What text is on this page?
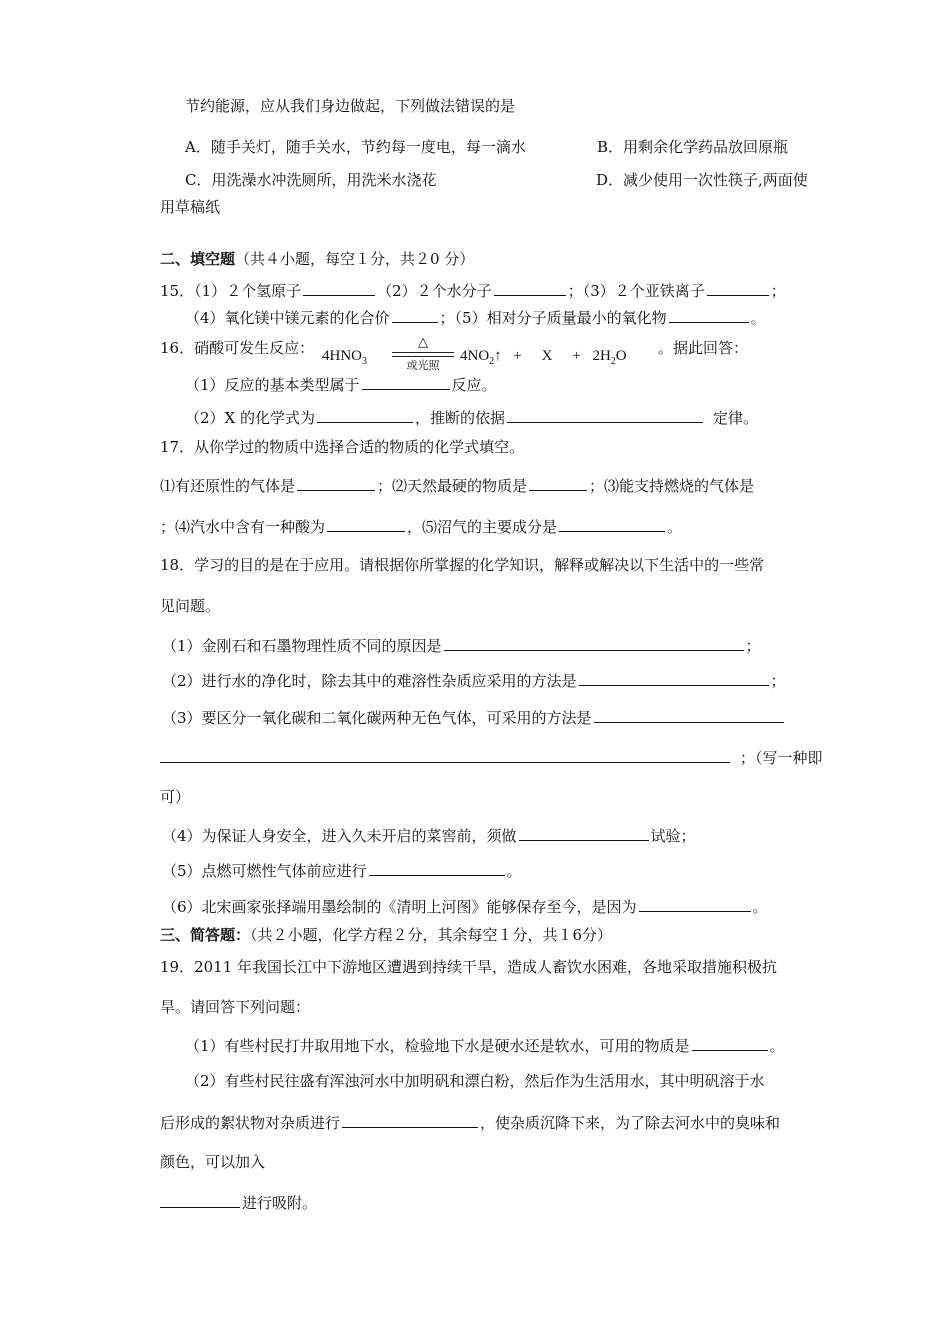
节约能源，应从我们身边做起，下列做法错误的是
A．随手关灯，随手关水，节约每一度电，每一滴水	B．用剩余化学药品放回原瓶
C．用洗澡水冲洗厕所，用洗米水浇花	D．减少使用一次性筷子,两面使
用草稿纸
二、填空题（共４小题，每空１分，共２0 分）
15．（1）２个氢原子	（2）２个水分子	；（3）２个亚铁离子	；
（4）氧化镁中镁元素的化合价	；（5）相对分子质量最小的氧化物	。
16．硝酸可发生反应： $4HNO_3$
△
或光照
$4NO_2↑ + X + 2H_2O$ 。据此回答：
（1）反应的基本类型属于	反应。
（2）X 的化学式为	，推断的依据	定律。
17．从你学过的物质中选择合适的物质的化学式填空。
⑴有还原性的气体是	；⑵天然最硬的物质是	；⑶能支持燃烧的气体是
；⑷汽水中含有一种酸为	，⑸沼气的主要成分是	。
18．学习的目的是在于应用。请根据你所掌握的化学知识，解释或解决以下生活中的一些常
见问题。
（1）金刚石和石墨物理性质不同的原因是	；
（2）进行水的净化时，除去其中的难溶性杂质应采用的方法是	；
（3）要区分一氧化碳和二氧化碳两种无色气体，可采用的方法是
；（写一种即
可）
（4）为保证人身安全，进入久未开启的菜窖前，须做	试验；
（5）点燃可燃性气体前应进行	。
（6）北宋画家张择端用墨绘制的《清明上河图》能够保存至今，是因为	。
三、简答题：（共２小题，化学方程２分，其余每空１分，共１6分）
19．2011 年我国长江中下游地区遭遇到持续干旱，造成人畜饮水困难，各地采取措施积极抗
旱。请回答下列问题：
（1）有些村民打井取用地下水，检验地下水是硬水还是软水，可用的物质是	。
（2）有些村民往盛有浑浊河水中加明矾和漂白粉，然后作为生活用水，其中明矾溶于水
后形成的絮状物对杂质进行	，使杂质沉降下来，为了除去河水中的臭味和
颜色，可以加入
进行吸附。
